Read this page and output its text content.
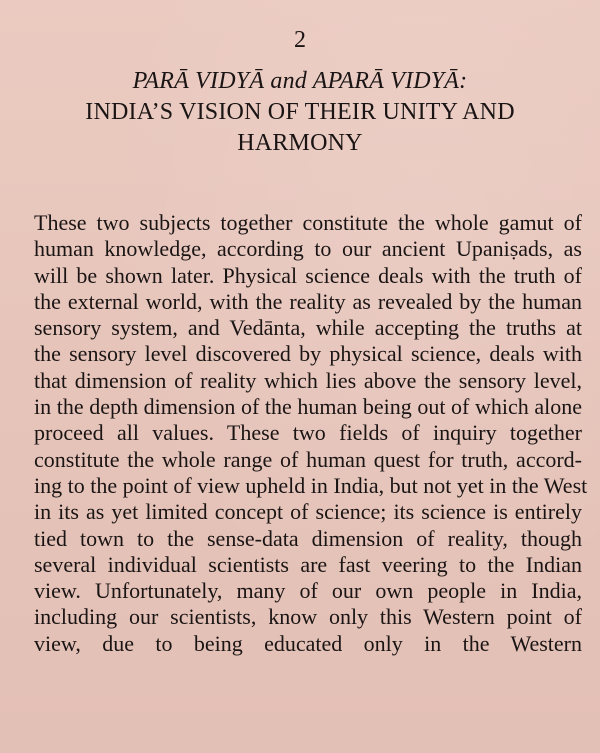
2
PARĀ VIDYĀ and APARĀ VIDYĀ:
INDIA’S VISION OF THEIR UNITY AND
HARMONY
These two subjects together constitute the whole gamut of
human knowledge, according to our ancient Upaniṣads, as
will be shown later. Physical science deals with the truth of
the external world, with the reality as revealed by the human
sensory system, and Vedānta, while accepting the truths at
the sensory level discovered by physical science, deals with
that dimension of reality which lies above the sensory level,
in the depth dimension of the human being out of which alone
proceed all values. These two fields of inquiry together
constitute the whole range of human quest for truth, accord-
ing to the point of view upheld in India, but not yet in the West
in its as yet limited concept of science; its science is entirely
tied town to the sense-data dimension of reality, though
several individual scientists are fast veering to the Indian
view. Unfortunately, many of our own people in India,
including our scientists, know only this Western point of
view, due to being educated only in the Western
